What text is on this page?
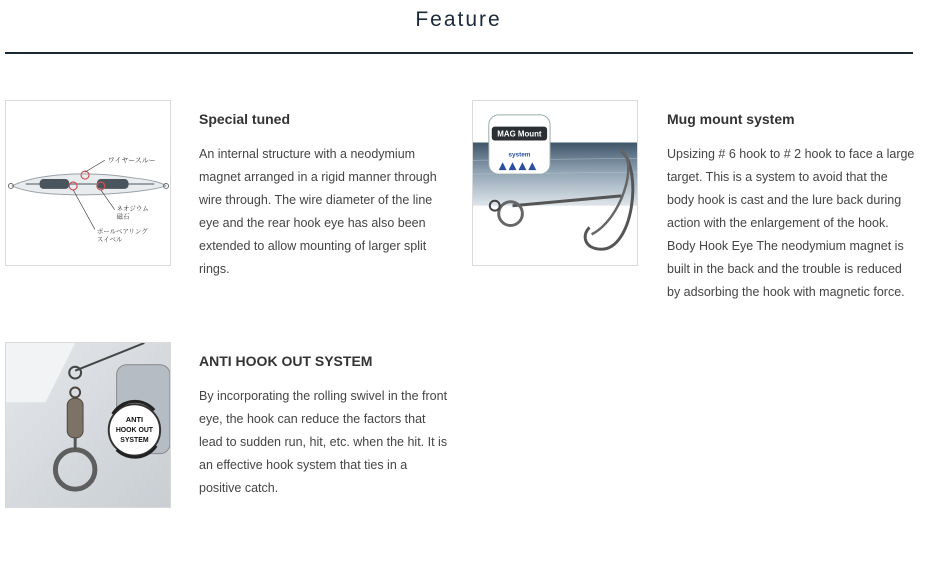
Feature
ワイヤースルー
ネオジウム
磁石
ボールベアリング
スイベル
Special tuned

An internal structure with a neodymium magnet arranged in a rigid manner through wire through. The wire diameter of the line eye and the rear hook eye has also been extended to allow mounting of larger split rings.

MAG Mount
system
Mug mount system

Upsizing # 6 hook to # 2 hook to face a large target. This is a system to avoid that the body hook is cast and the lure back during action with the enlargement of the hook. Body Hook Eye The neodymium magnet is built in the back and the trouble is reduced by adsorbing the hook with magnetic force.

ANTI
HOOK OUT
SYSTEM
ANTI HOOK OUT SYSTEM

By incorporating the rolling swivel in the front eye, the hook can reduce the factors that lead to sudden run, hit, etc. when the hit. It is an effective hook system that ties in a positive catch.
